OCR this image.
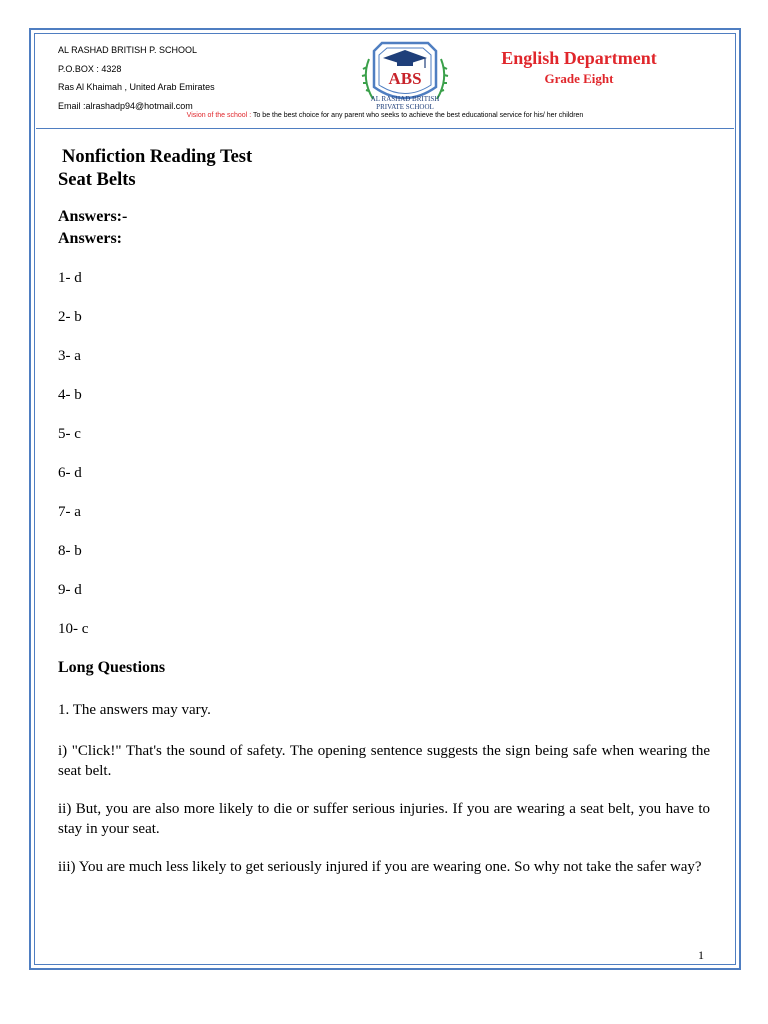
AL RASHAD BRITISH P. SCHOOL
P.O.BOX : 4328
Ras Al Khaimah , United Arab Emirates
Email :alrashadp94@hotmail.com
ABS
AL RASHAD BRITISH
PRIVATE SCHOOL
English Department
Grade Eight
Vision of the school : To be the best choice for any parent who seeks to achieve the best educational service for his/ her children
Nonfiction Reading Test
Seat Belts
Answers:-
Answers:
1- d
2- b
3- a
4- b
5- c
6- d
7- a
8- b
9- d
10- c
Long Questions
1. The answers may vary.
i) "Click!" That's the sound of safety. The opening sentence suggests the sign being safe when wearing the seat belt.
ii) But, you are also more likely to die or suffer serious injuries. If you are wearing a seat belt, you have to stay in your seat.
iii) You are much less likely to get seriously injured if you are wearing one. So why not take the safer way?
1
